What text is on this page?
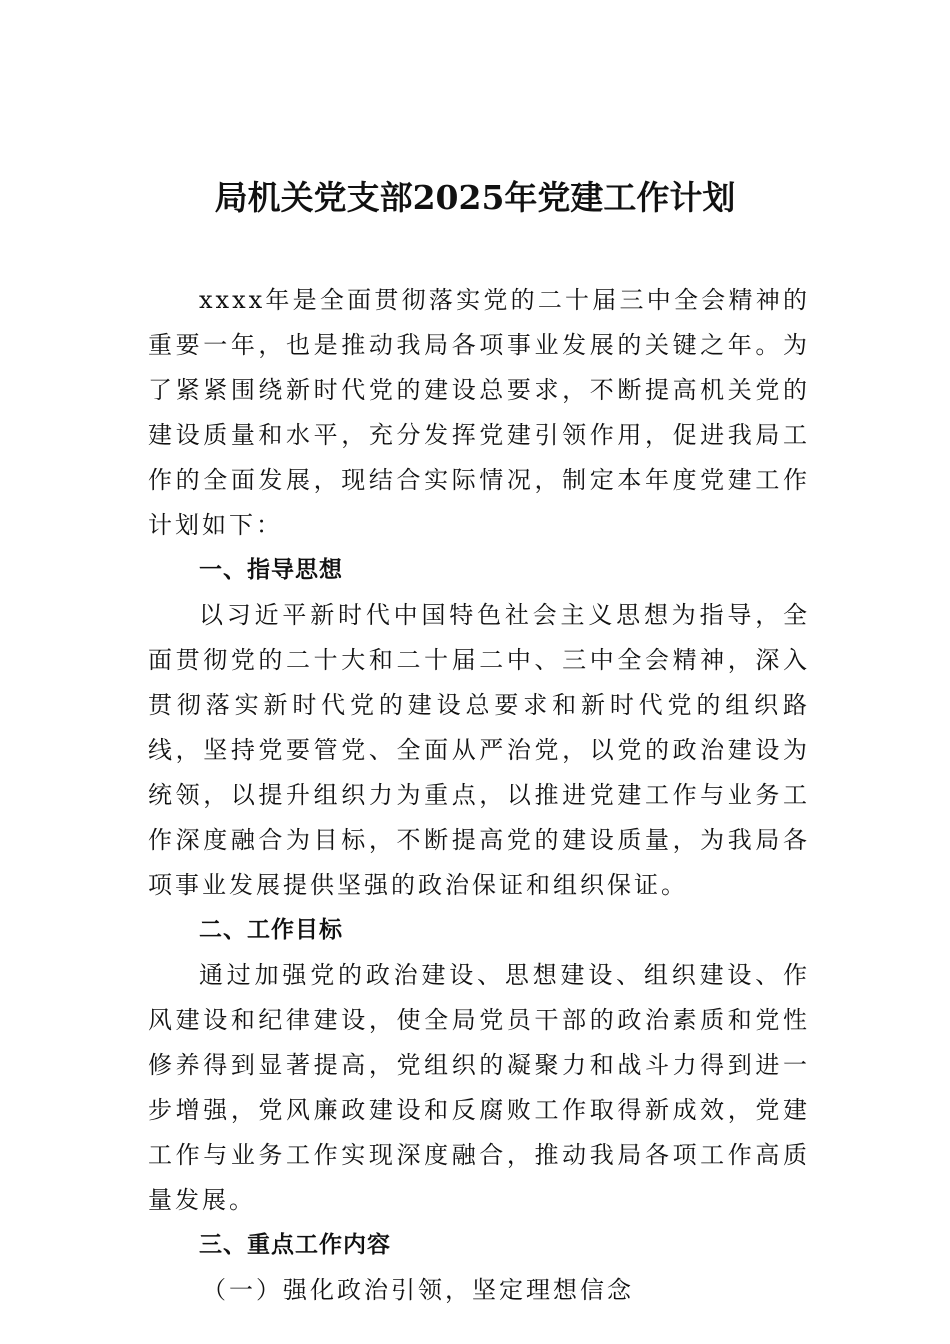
局机关党支部2025年党建工作计划

xxxx年是全面贯彻落实党的二十届三中全会精神的重要一年，也是推动我局各项事业发展的关键之年。为了紧紧围绕新时代党的建设总要求，不断提高机关党的建设质量和水平，充分发挥党建引领作用，促进我局工作的全面发展，现结合实际情况，制定本年度党建工作计划如下：

一、指导思想

以习近平新时代中国特色社会主义思想为指导，全面贯彻党的二十大和二十届二中、三中全会精神，深入贯彻落实新时代党的建设总要求和新时代党的组织路线，坚持党要管党、全面从严治党，以党的政治建设为统领，以提升组织力为重点，以推进党建工作与业务工作深度融合为目标，不断提高党的建设质量，为我局各项事业发展提供坚强的政治保证和组织保证。

二、工作目标

通过加强党的政治建设、思想建设、组织建设、作风建设和纪律建设，使全局党员干部的政治素质和党性修养得到显著提高，党组织的凝聚力和战斗力得到进一步增强，党风廉政建设和反腐败工作取得新成效，党建工作与业务工作实现深度融合，推动我局各项工作高质量发展。

三、重点工作内容
（一）强化政治引领，坚定理想信念
